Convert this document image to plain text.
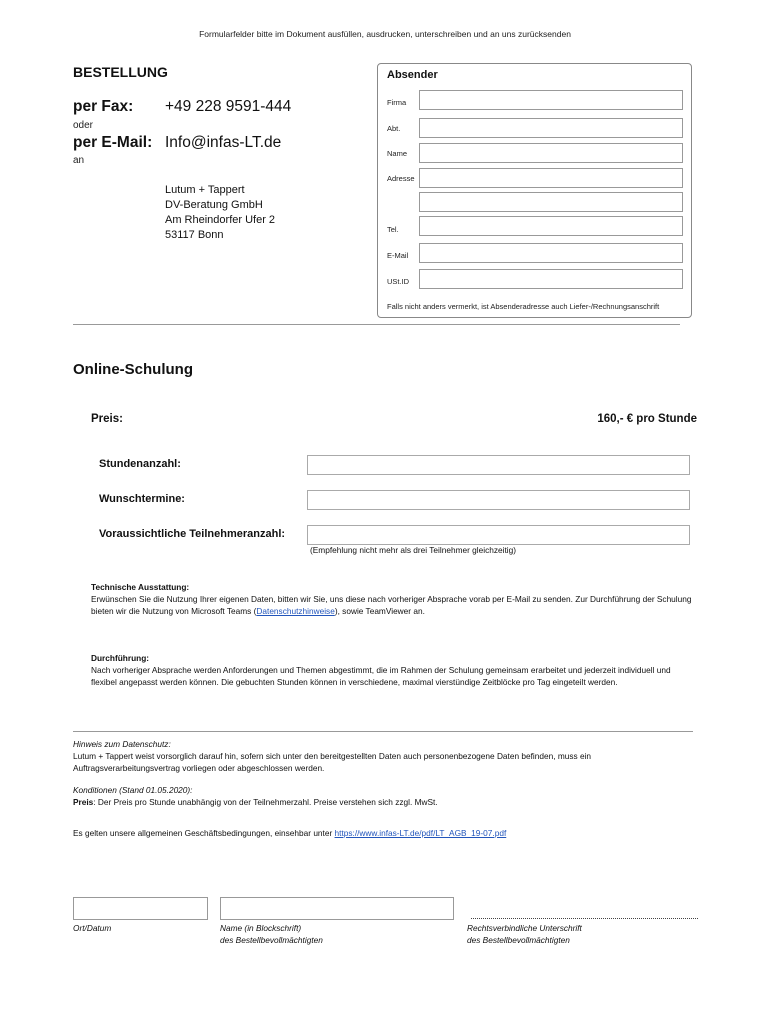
Formularfelder bitte im Dokument ausfüllen, ausdrucken, unterschreiben und an uns zurücksenden
BESTELLUNG
per Fax: +49 228 9591-444
oder
per E-Mail: Info@infas-LT.de
an
Lutum + Tappert
DV-Beratung GmbH
Am Rheindorfer Ufer 2
53117 Bonn
Absender
Firma
Abt.
Name
Adresse
Tel.
E-Mail
USt.ID
Falls nicht anders vermerkt, ist Absenderadresse auch Liefer-/Rechnungsanschrift
Online-Schulung
Preis:	160,- € pro Stunde
Stundenanzahl:
Wunschtermine:
Voraussichtliche Teilnehmeranzahl:
(Empfehlung nicht mehr als drei Teilnehmer gleichzeitig)
Technische Ausstattung:
Erwünschen Sie die Nutzung Ihrer eigenen Daten, bitten wir Sie, uns diese nach vorheriger Absprache vorab per E-Mail zu senden. Zur Durchführung der Schulung bieten wir die Nutzung von Microsoft Teams (Datenschutzhinweise), sowie TeamViewer an.
Durchführung:
Nach vorheriger Absprache werden Anforderungen und Themen abgestimmt, die im Rahmen der Schulung gemeinsam erarbeitet und jederzeit individuell und flexibel angepasst werden können. Die gebuchten Stunden können in verschiedene, maximal vierstündige Zeitblöcke pro Tag eingeteilt werden.
Hinweis zum Datenschutz:
Lutum + Tappert weist vorsorglich darauf hin, sofern sich unter den bereitgestellten Daten auch personenbezogene Daten befinden, muss ein Auftragsverarbeitungsvertrag vorliegen oder abgeschlossen werden.
Konditionen (Stand 01.05.2020):
Preis: Der Preis pro Stunde unabhängig von der Teilnehmerzahl. Preise verstehen sich zzgl. MwSt.
Es gelten unsere allgemeinen Geschäftsbedingungen, einsehbar unter https://www.infas-LT.de/pdf/LT_AGB_19-07.pdf
Ort/Datum	Name (in Blockschrift)
des Bestellbevollmächtigten
Rechtsverbindliche Unterschrift
des Bestellbevollmächtigten
